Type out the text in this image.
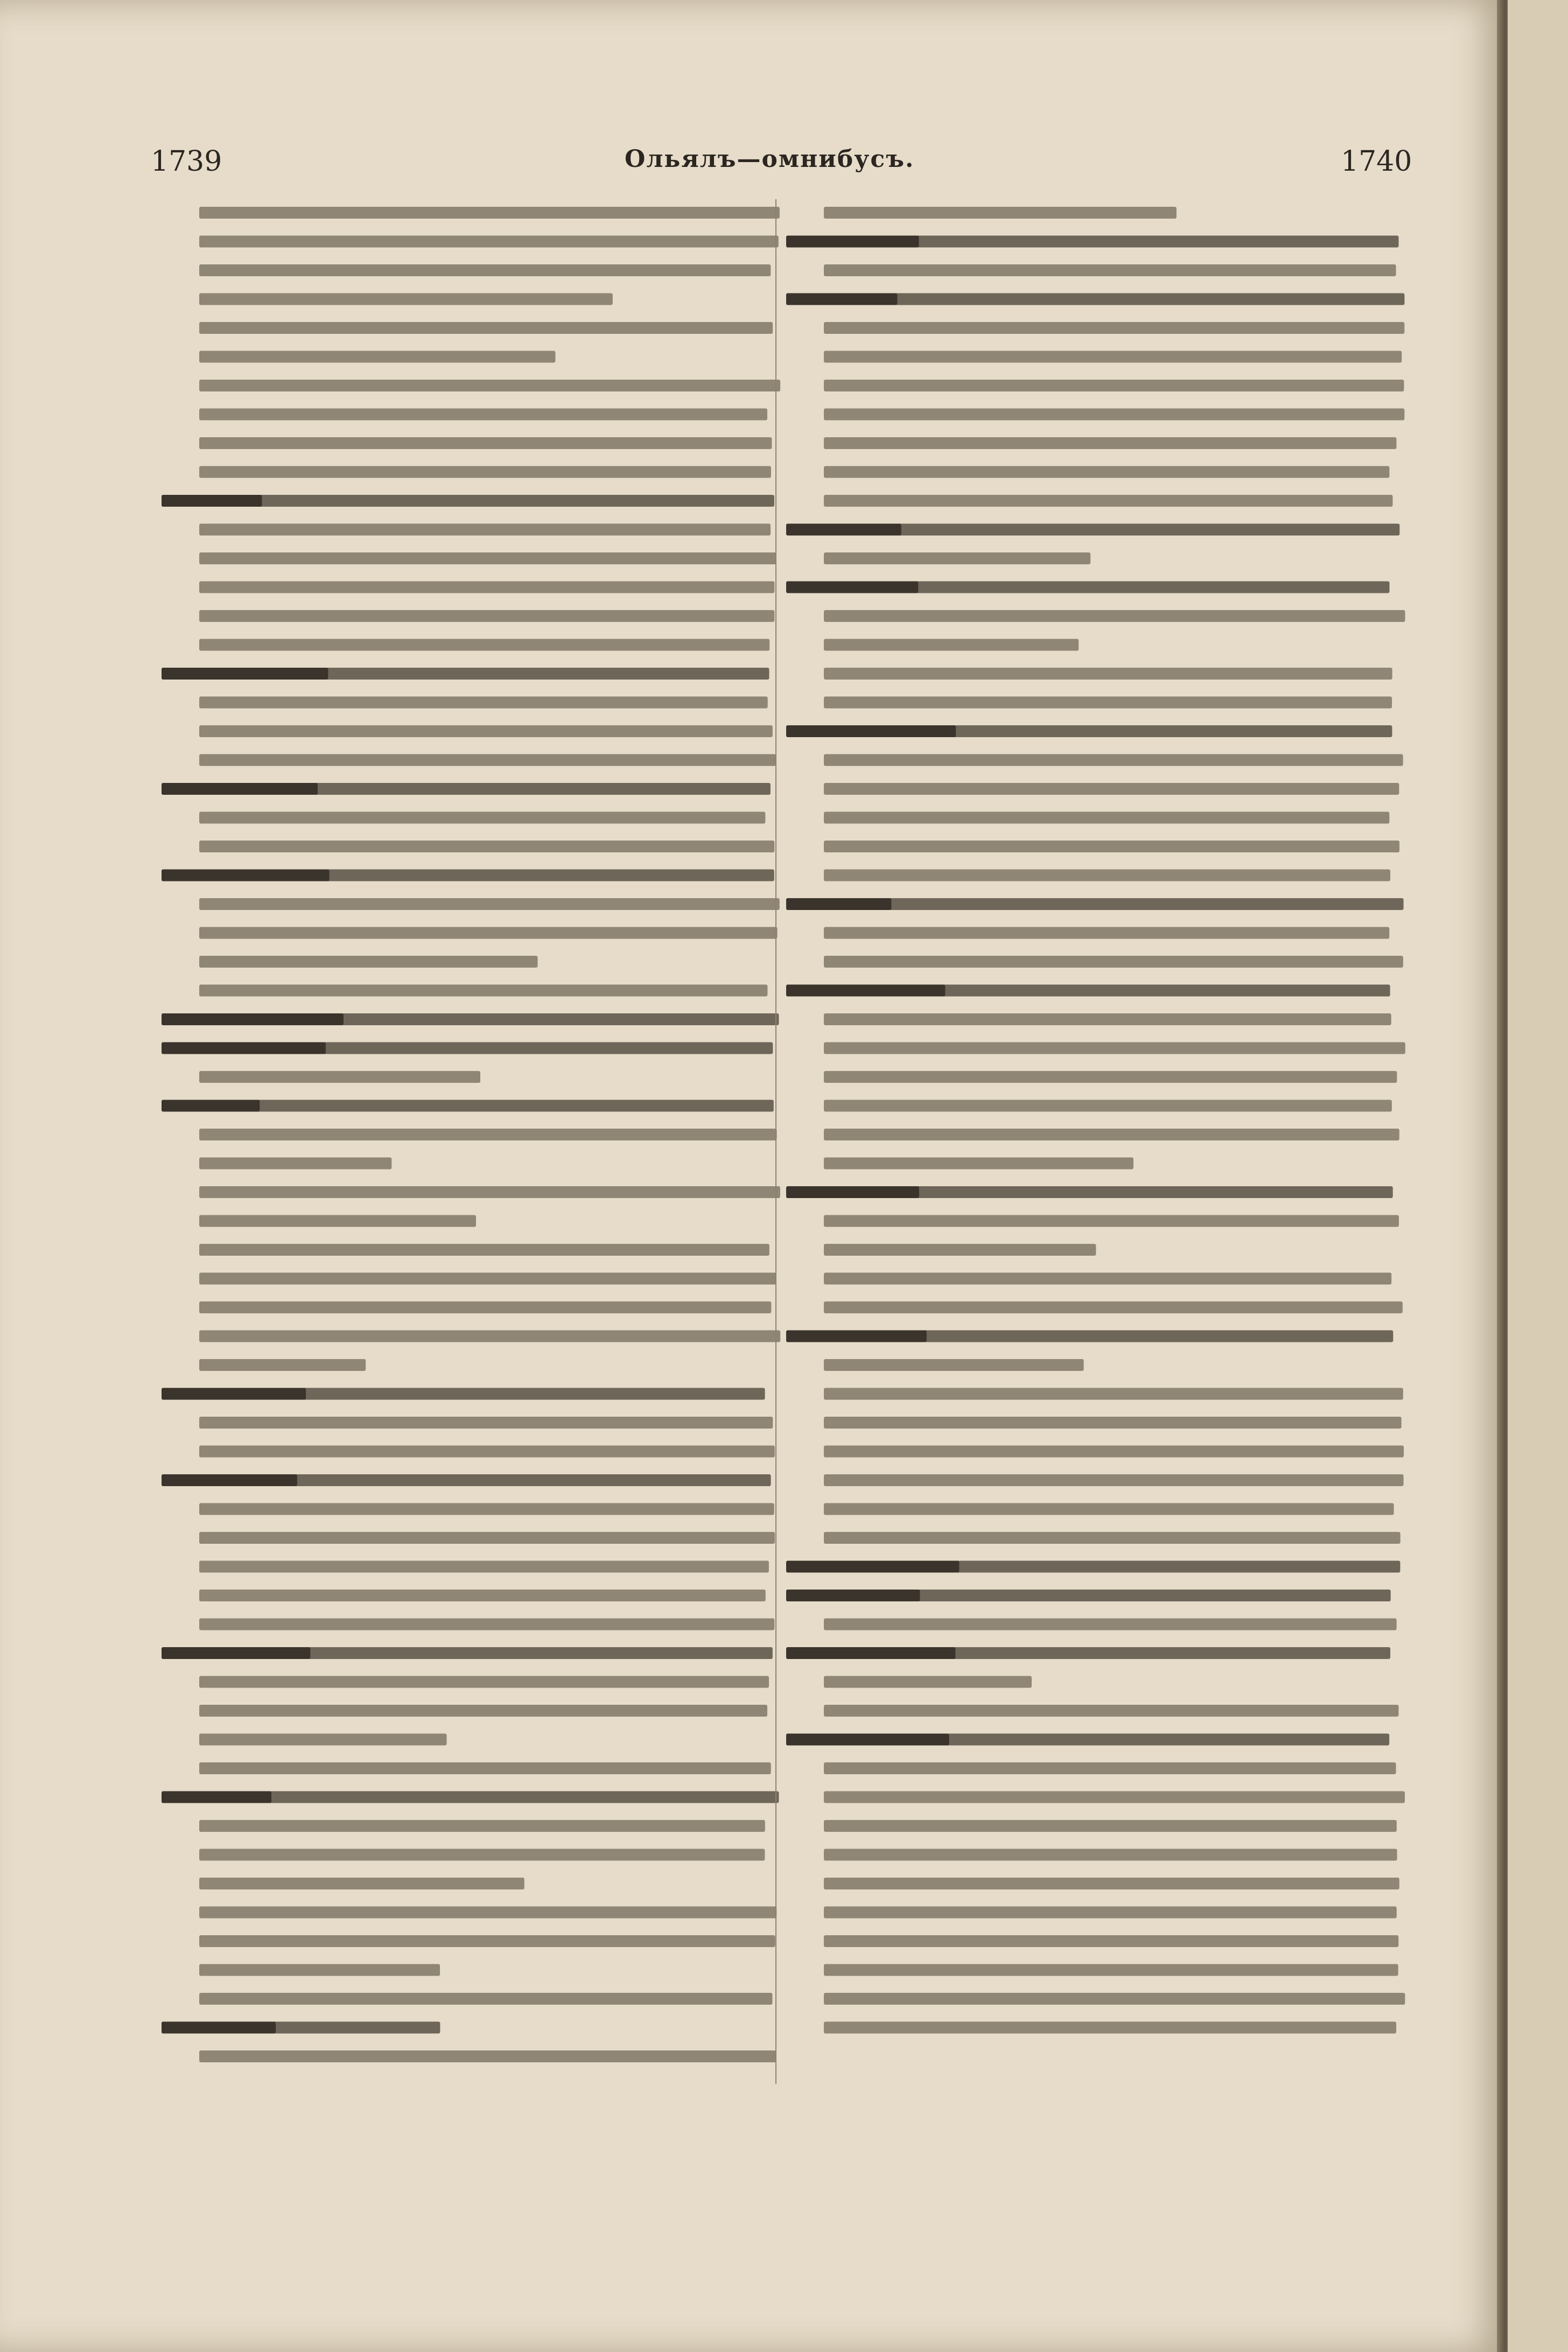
1739	Ольялъ—омнибусъ.	1740
